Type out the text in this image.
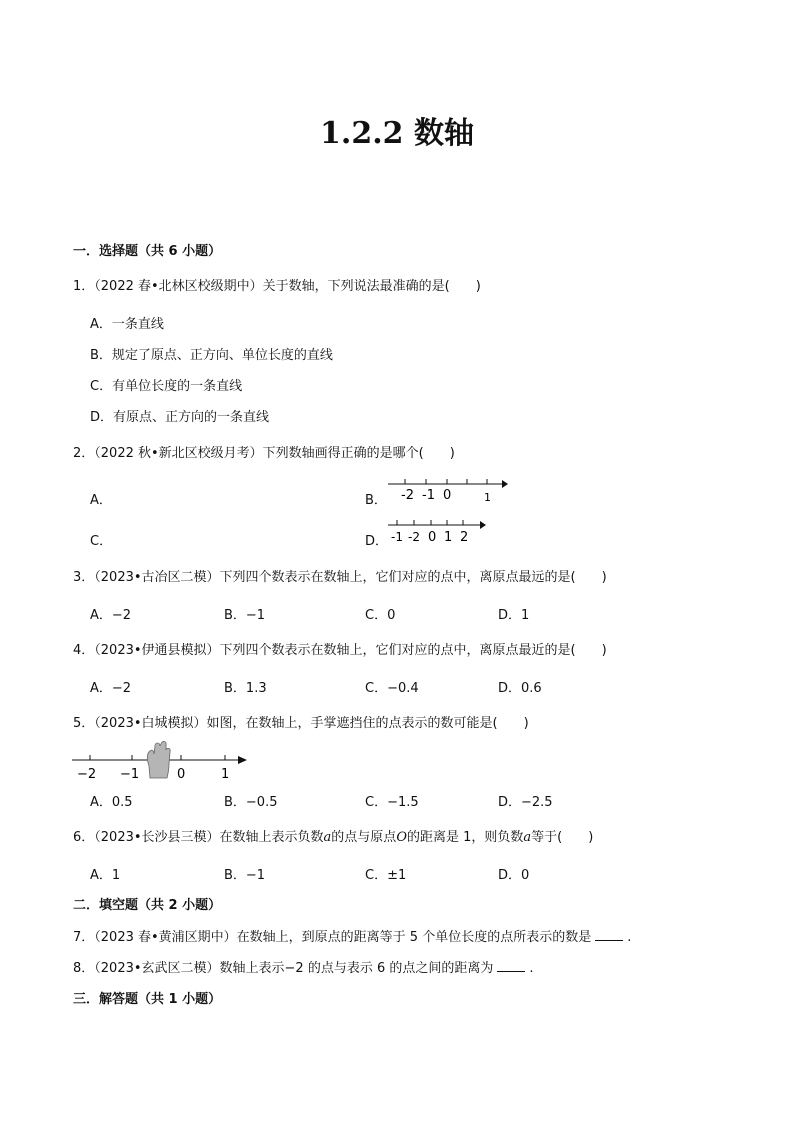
1.2.2 数轴
一．选择题（共 6 小题）
1．（2022 春•北林区校级期中）关于数轴，下列说法最准确的是(　　)
A．一条直线
B．规定了原点、正方向、单位长度的直线
C．有单位长度的一条直线
D．有原点、正方向的一条直线
2．（2022 秋•新北区校级月考）下列数轴画得正确的是哪个(　　)
A．	B． -2 -1 0	1
C．	D． -1 -2 0 1 2
3．（2023•古冶区二模）下列四个数表示在数轴上，它们对应的点中，离原点最远的是(　　)
A．−2	B．−1	C．0	D．1
4．（2023•伊通县模拟）下列四个数表示在数轴上，它们对应的点中，离原点最近的是(　　)
A．−2	B．1.3	C．−0.4	D．0.6
5．（2023•白城模拟）如图，在数轴上，手掌遮挡住的点表示的数可能是(　　)
−2 −1	0	1
A．0.5	B．−0.5	C．−1.5	D．−2.5
6．（2023•长沙县三模）在数轴上表示负数a的点与原点O的距离是 1，则负数a等于(　　)
A．1	B．−1	C．±1	D．0
二．填空题（共 2 小题）
7．（2023 春•黄浦区期中）在数轴上，到原点的距离等于 5 个单位长度的点所表示的数是	.
8．（2023•玄武区二模）数轴上表示−2 的点与表示 6 的点之间的距离为	.
三．解答题（共 1 小题）
